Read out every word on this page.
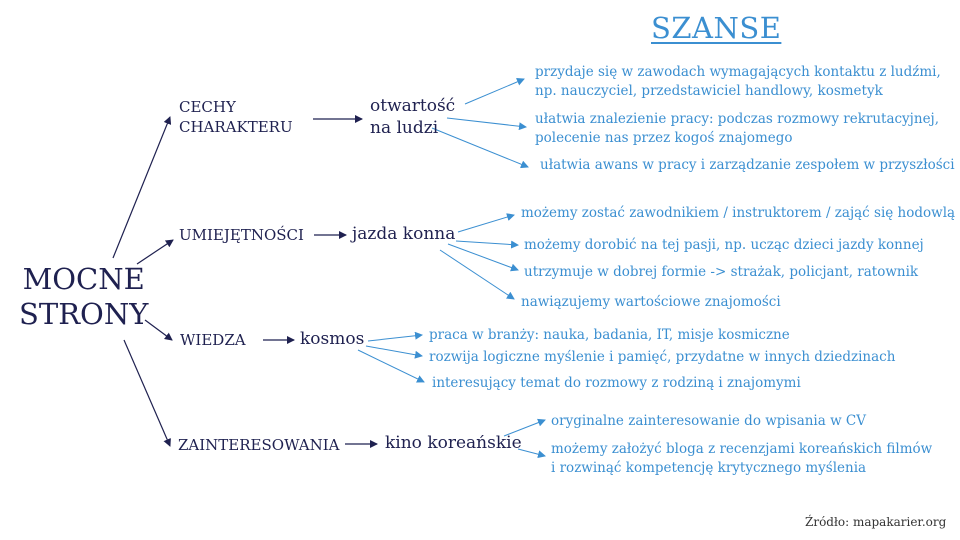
SZANSE
MOCNE
STRONY
CECHY
CHARAKTERU
otwartość
na ludzi
przydaje się w zawodach wymagających kontaktu z ludźmi,
np. nauczyciel, przedstawiciel handlowy, kosmetyk
ułatwia znalezienie pracy: podczas rozmowy rekrutacyjnej,
polecenie nas przez kogoś znajomego
ułatwia awans w pracy i zarządzanie zespołem w przyszłości
UMIEJĘTNOŚCI	jazda konna
możemy zostać zawodnikiem / instruktorem / zająć się hodowlą
możemy dorobić na tej pasji, np. ucząc dzieci jazdy konnej
utrzymuje w dobrej formie -> strażak, policjant, ratownik
nawiązujemy wartościowe znajomości
WIEDZA	kosmos	praca w branży: nauka, badania, IT, misje kosmiczne
rozwija logiczne myślenie i pamięć, przydatne w innych dziedzinach
interesujący temat do rozmowy z rodziną i znajomymi
ZAINTERESOWANIA	kino koreańskie
oryginalne zainteresowanie do wpisania w CV
możemy założyć bloga z recenzjami koreańskich filmów
i rozwinąć kompetencję krytycznego myślenia
Źródło: mapakarier.org
